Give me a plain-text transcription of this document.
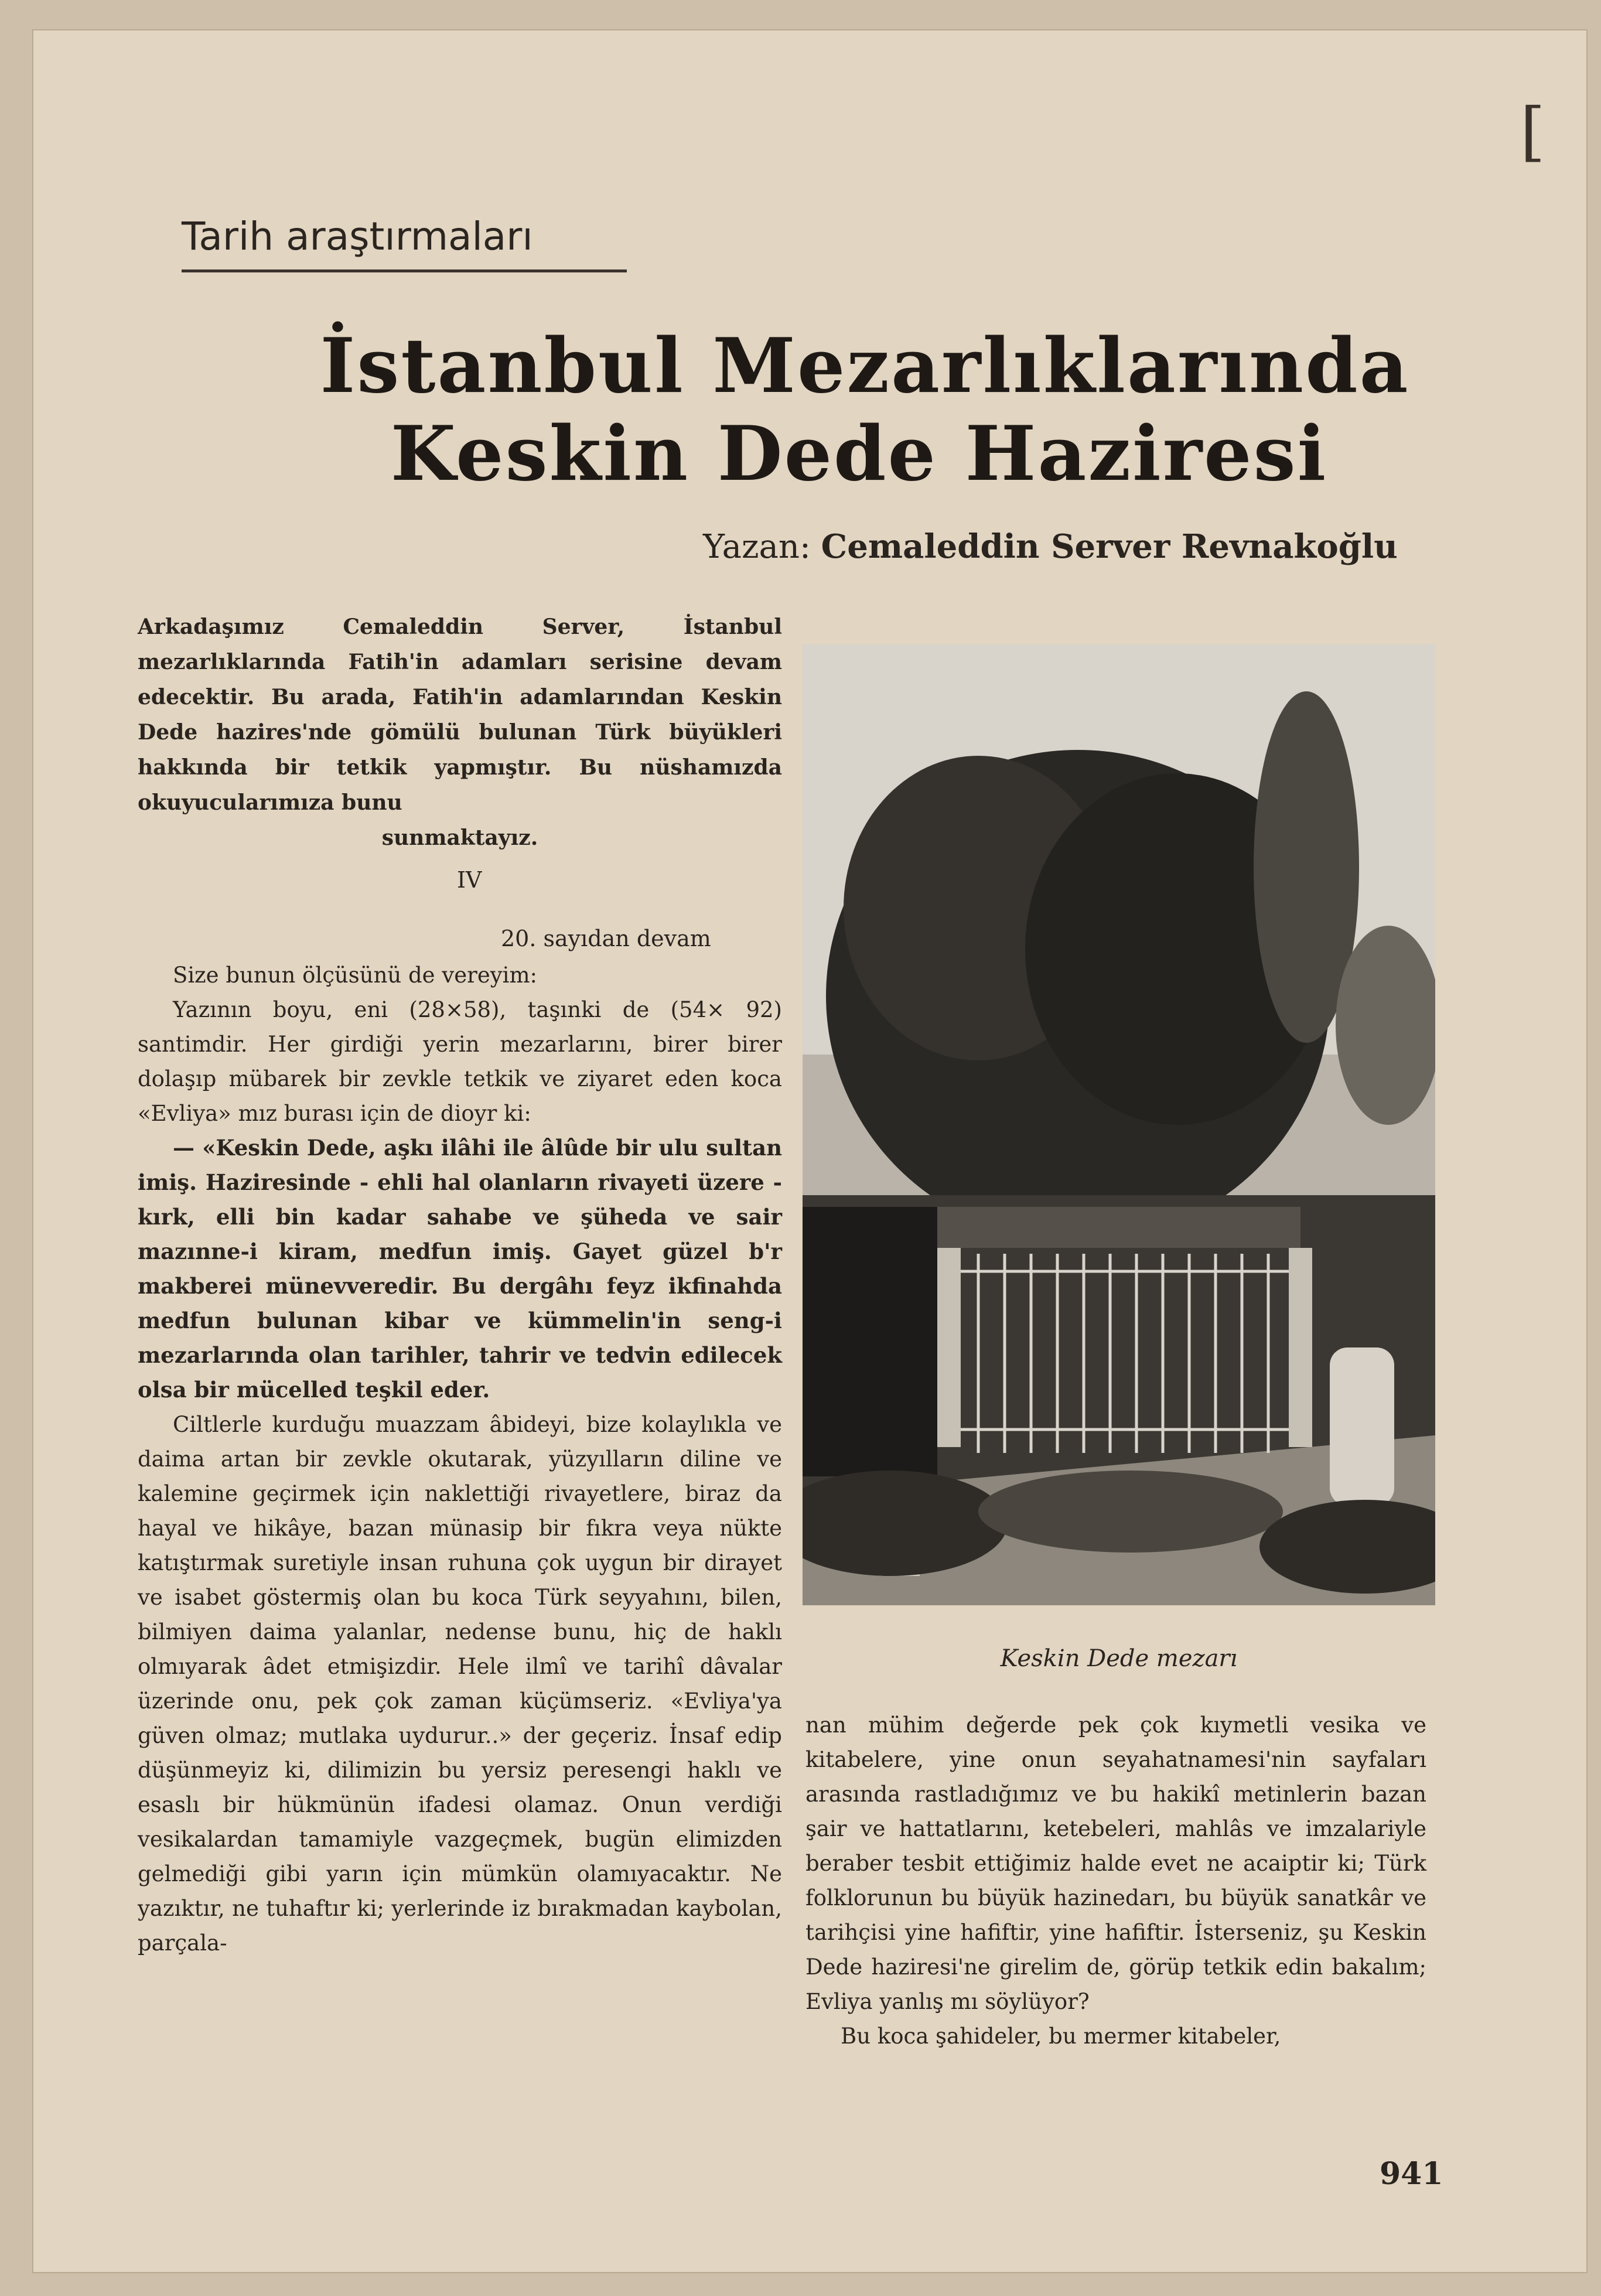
[
Tarih araştırmaları
İstanbul Mezarlıklarında
Keskin Dede Haziresi
Yazan: Cemaleddin Server Revnakoğlu
Arkadaşımız Cemaleddin Server, İstanbul mezarlıklarında Fatih'in adamları serisine devam edecektir. Bu arada, Fatih'in adamlarından Keskin Dede hazires'nde gömülü bulunan Türk büyükleri hakkında bir tetkik yapmıştır. Bu nüshamızda okuyucularımıza bunu
sunmaktayız.
IV
20. sayıdan devam

Size bunun ölçüsünü de vereyim:

Yazının boyu, eni (28×58), taşınki de (54× 92) santimdir. Her girdiği yerin mezarlarını, birer birer dolaşıp mübarek bir zevkle tetkik ve ziyaret eden koca «Evliya» mız burası için de dioyr ki:

— «Keskin Dede, aşkı ilâhi ile âlûde bir ulu sultan imiş. Haziresinde - ehli hal olanların rivayeti üzere - kırk, elli bin kadar sahabe ve şüheda ve sair mazınne-i kiram, medfun imiş. Gayet güzel b'r makberei münevveredir. Bu dergâhı feyz ikfinahda medfun bulunan kibar ve kümmelin'in seng-i mezarlarında olan tarihler, tahrir ve tedvin edilecek olsa bir mücelled teşkil eder.

Ciltlerle kurduğu muazzam âbideyi, bize kolaylıkla ve daima artan bir zevkle okutarak, yüzyılların diline ve kalemine geçirmek için naklettiği rivayetlere, biraz da hayal ve hikâye, bazan münasip bir fıkra veya nükte katıştırmak suretiyle insan ruhuna çok uygun bir dirayet ve isabet göstermiş olan bu koca Türk seyyahını, bilen, bilmiyen daima yalanlar, nedense bunu, hiç de haklı olmıyarak âdet etmişizdir. Hele ilmî ve tarihî dâvalar üzerinde onu, pek çok zaman küçümseriz. «Evliya'ya güven olmaz; mutlaka uydurur..» der geçeriz. İnsaf edip düşünmeyiz ki, dilimizin bu yersiz peresengi haklı ve esaslı bir hükmünün ifadesi olamaz. Onun verdiği vesikalardan tamamiyle vazgeçmek, bugün elimizden gelmediği gibi yarın için mümkün olamıyacaktır. Ne yazıktır, ne tuhaftır ki; yerlerinde iz bırakmadan kaybolan, parçala-

Keskin Dede mezarı

nan mühim değerde pek çok kıymetli vesika ve kitabelere, yine onun seyahatnamesi'nin sayfaları arasında rastladığımız ve bu hakikî metinlerin bazan şair ve hattatlarını, ketebeleri, mahlâs ve imzalariyle beraber tesbit ettiğimiz halde evet ne acaiptir ki; Türk folklorunun bu büyük hazinedarı, bu büyük sanatkâr ve tarihçisi yine hafiftir, yine hafiftir. İsterseniz, şu Keskin Dede haziresi'ne girelim de, görüp tetkik edin bakalım; Evliya yanlış mı söylüyor?

Bu koca şahideler, bu mermer kitabeler,

941
